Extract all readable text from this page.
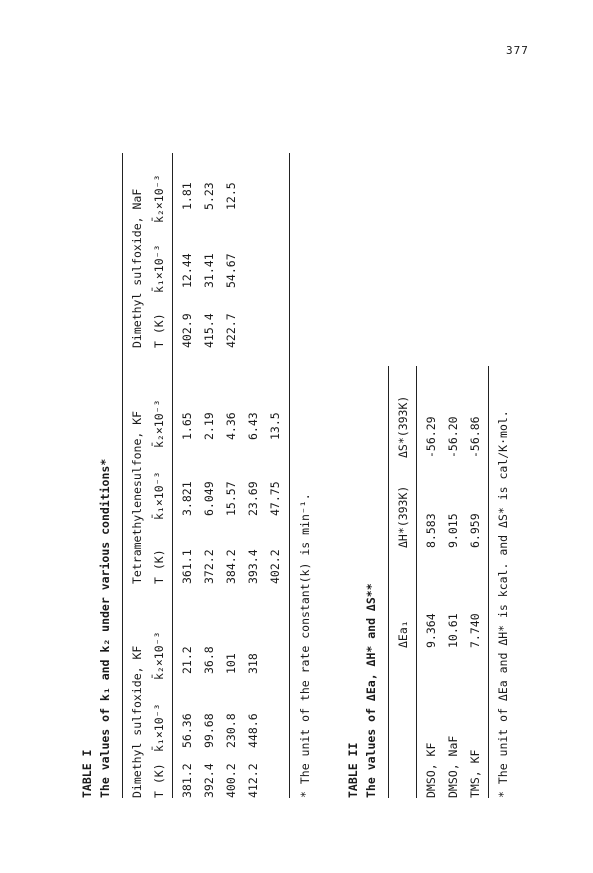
377
TABLE I The values of k₁ and k₂ under various conditions* Dimethyl sulfoxide, KF
Tetramethylenesulfone, KF
Dimethyl sulfoxide, NaF
T (K)
k̄₁×10⁻³
k̄₂×10⁻³
T (K)
k̄₁×10⁻³
k̄₂×10⁻³
T (K)
k̄₁×10⁻³
k̄₂×10⁻³
381.2
56.36
21.2
392.4
99.68
36.8
400.2
230.8
101
412.2
448.6
318
361.1
3.821
1.65
372.2
6.049
2.19
384.2
15.57
4.36
393.4
23.69
6.43
402.2
47.75
13.5
402.9
12.44
1.81
415.4
31.41
5.23
422.7
54.67
12.5
* The unit of the rate constant(k) is min⁻¹.	TABLE II The values of ΔEa, ΔH* and ΔS** ΔEa₁
ΔH*(393K)
ΔS*(393K)
DMSO, KF
9.364
8.583
-56.29
DMSO, NaF
10.61
9.015
-56.20
TMS, KF
7.740
6.959
-56.86 * The unit of ΔEa and ΔH* is kcal. and ΔS* is cal/K·mol.
